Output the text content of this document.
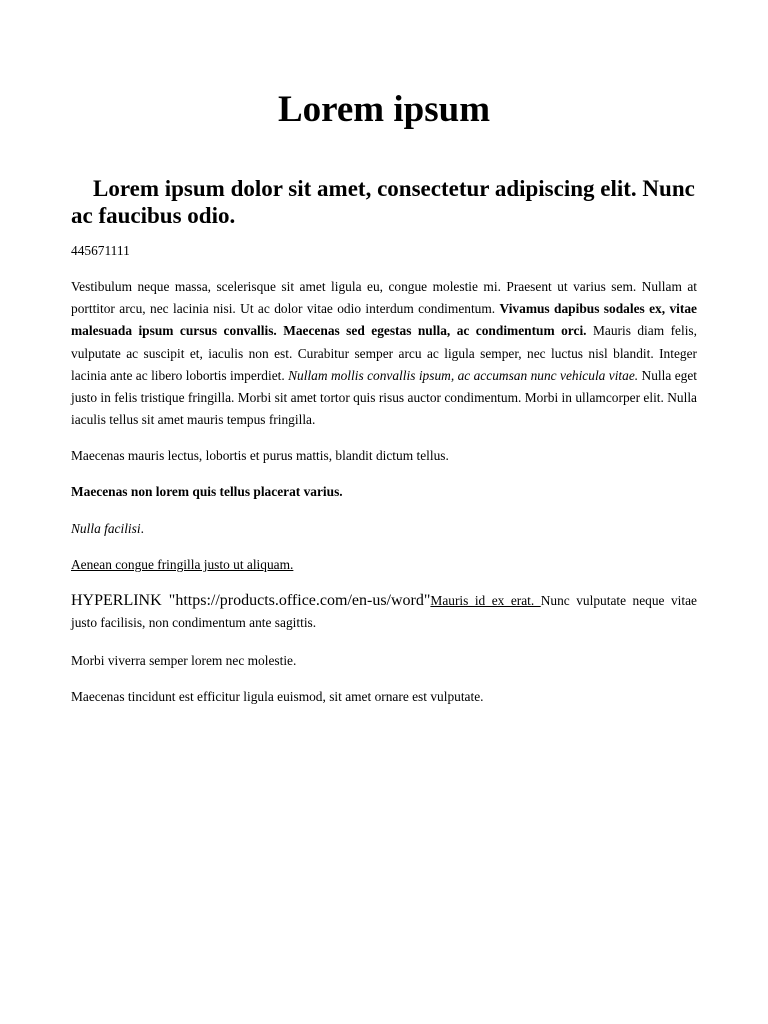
Lorem ipsum
Lorem ipsum dolor sit amet, consectetur adipiscing elit. Nunc ac faucibus odio.

445671111

Vestibulum neque massa, scelerisque sit amet ligula eu, congue molestie mi. Praesent ut varius sem. Nullam at porttitor arcu, nec lacinia nisi. Ut ac dolor vitae odio interdum condimentum. Vivamus dapibus sodales ex, vitae malesuada ipsum cursus convallis. Maecenas sed egestas nulla, ac condimentum orci. Mauris diam felis, vulputate ac suscipit et, iaculis non est. Curabitur semper arcu ac ligula semper, nec luctus nisl blandit. Integer lacinia ante ac libero lobortis imperdiet. Nullam mollis convallis ipsum, ac accumsan nunc vehicula vitae. Nulla eget justo in felis tristique fringilla. Morbi sit amet tortor quis risus auctor condimentum. Morbi in ullamcorper elit. Nulla iaculis tellus sit amet mauris tempus fringilla.

Maecenas mauris lectus, lobortis et purus mattis, blandit dictum tellus.

Maecenas non lorem quis tellus placerat varius.

Nulla facilisi.

Aenean congue fringilla justo ut aliquam.

HYPERLINK "https://products.office.com/en-us/word"Mauris id ex erat. Nunc vulputate neque vitae justo facilisis, non condimentum ante sagittis.

Morbi viverra semper lorem nec molestie.

Maecenas tincidunt est efficitur ligula euismod, sit amet ornare est vulputate.
